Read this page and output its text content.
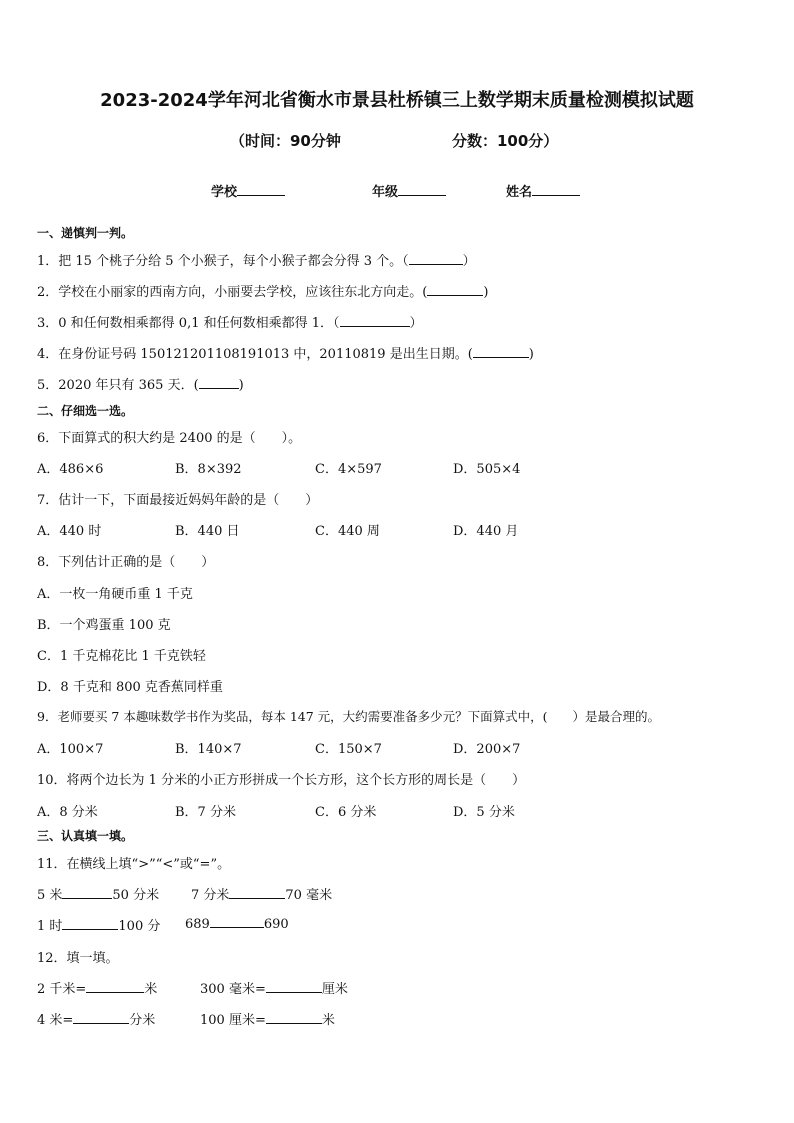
2023-2024学年河北省衡水市景县杜桥镇三上数学期末质量检测模拟试题
（时间：90分钟	分数：100分）
学校	年级	姓名
一、递慎判一判。
1．把 15 个桃子分给 5 个小猴子，每个小猴子都会分得 3 个。（	）
2．学校在小丽家的西南方向，小丽要去学校，应该往东北方向走。(	)
3．0 和任何数相乘都得 0,1 和任何数相乘都得 1．（	）
4．在身份证号码 150121201108191013 中，20110819 是出生日期。(	)
5．2020 年只有 365 天．(	)
二、仔细选一选。
6．下面算式的积大约是 2400 的是（　　）。
A．486×6	B．8×392	C．4×597	D．505×4
7．估计一下，下面最接近妈妈年龄的是（　　）
A．440 时	B．440 日	C．440 周	D．440 月
8．下列估计正确的是（　　）
A．一枚一角硬币重 1 千克
B．一个鸡蛋重 100 克
C．1 千克棉花比 1 千克铁轻
D．8 千克和 800 克香蕉同样重
9．老师要买 7 本趣味数学书作为奖品，每本 147 元，大约需要准备多少元？下面算式中，(　　）是最合理的。
A．100×7	B．140×7	C．150×7	D．200×7
10．将两个边长为 1 分米的小正方形拼成一个长方形，这个长方形的周长是（　　）
A．8 分米	B．7 分米	C．6 分米	D．5 分米
三、认真填一填。
11．在横线上填“>”“<”或“=”。
5 米	50 分米 7 分米	70 毫米
1 时	100 分 689	690
12．填一填。
2 千米=	米	300 毫米=	厘米
4 米=	分米	100 厘米=	米
